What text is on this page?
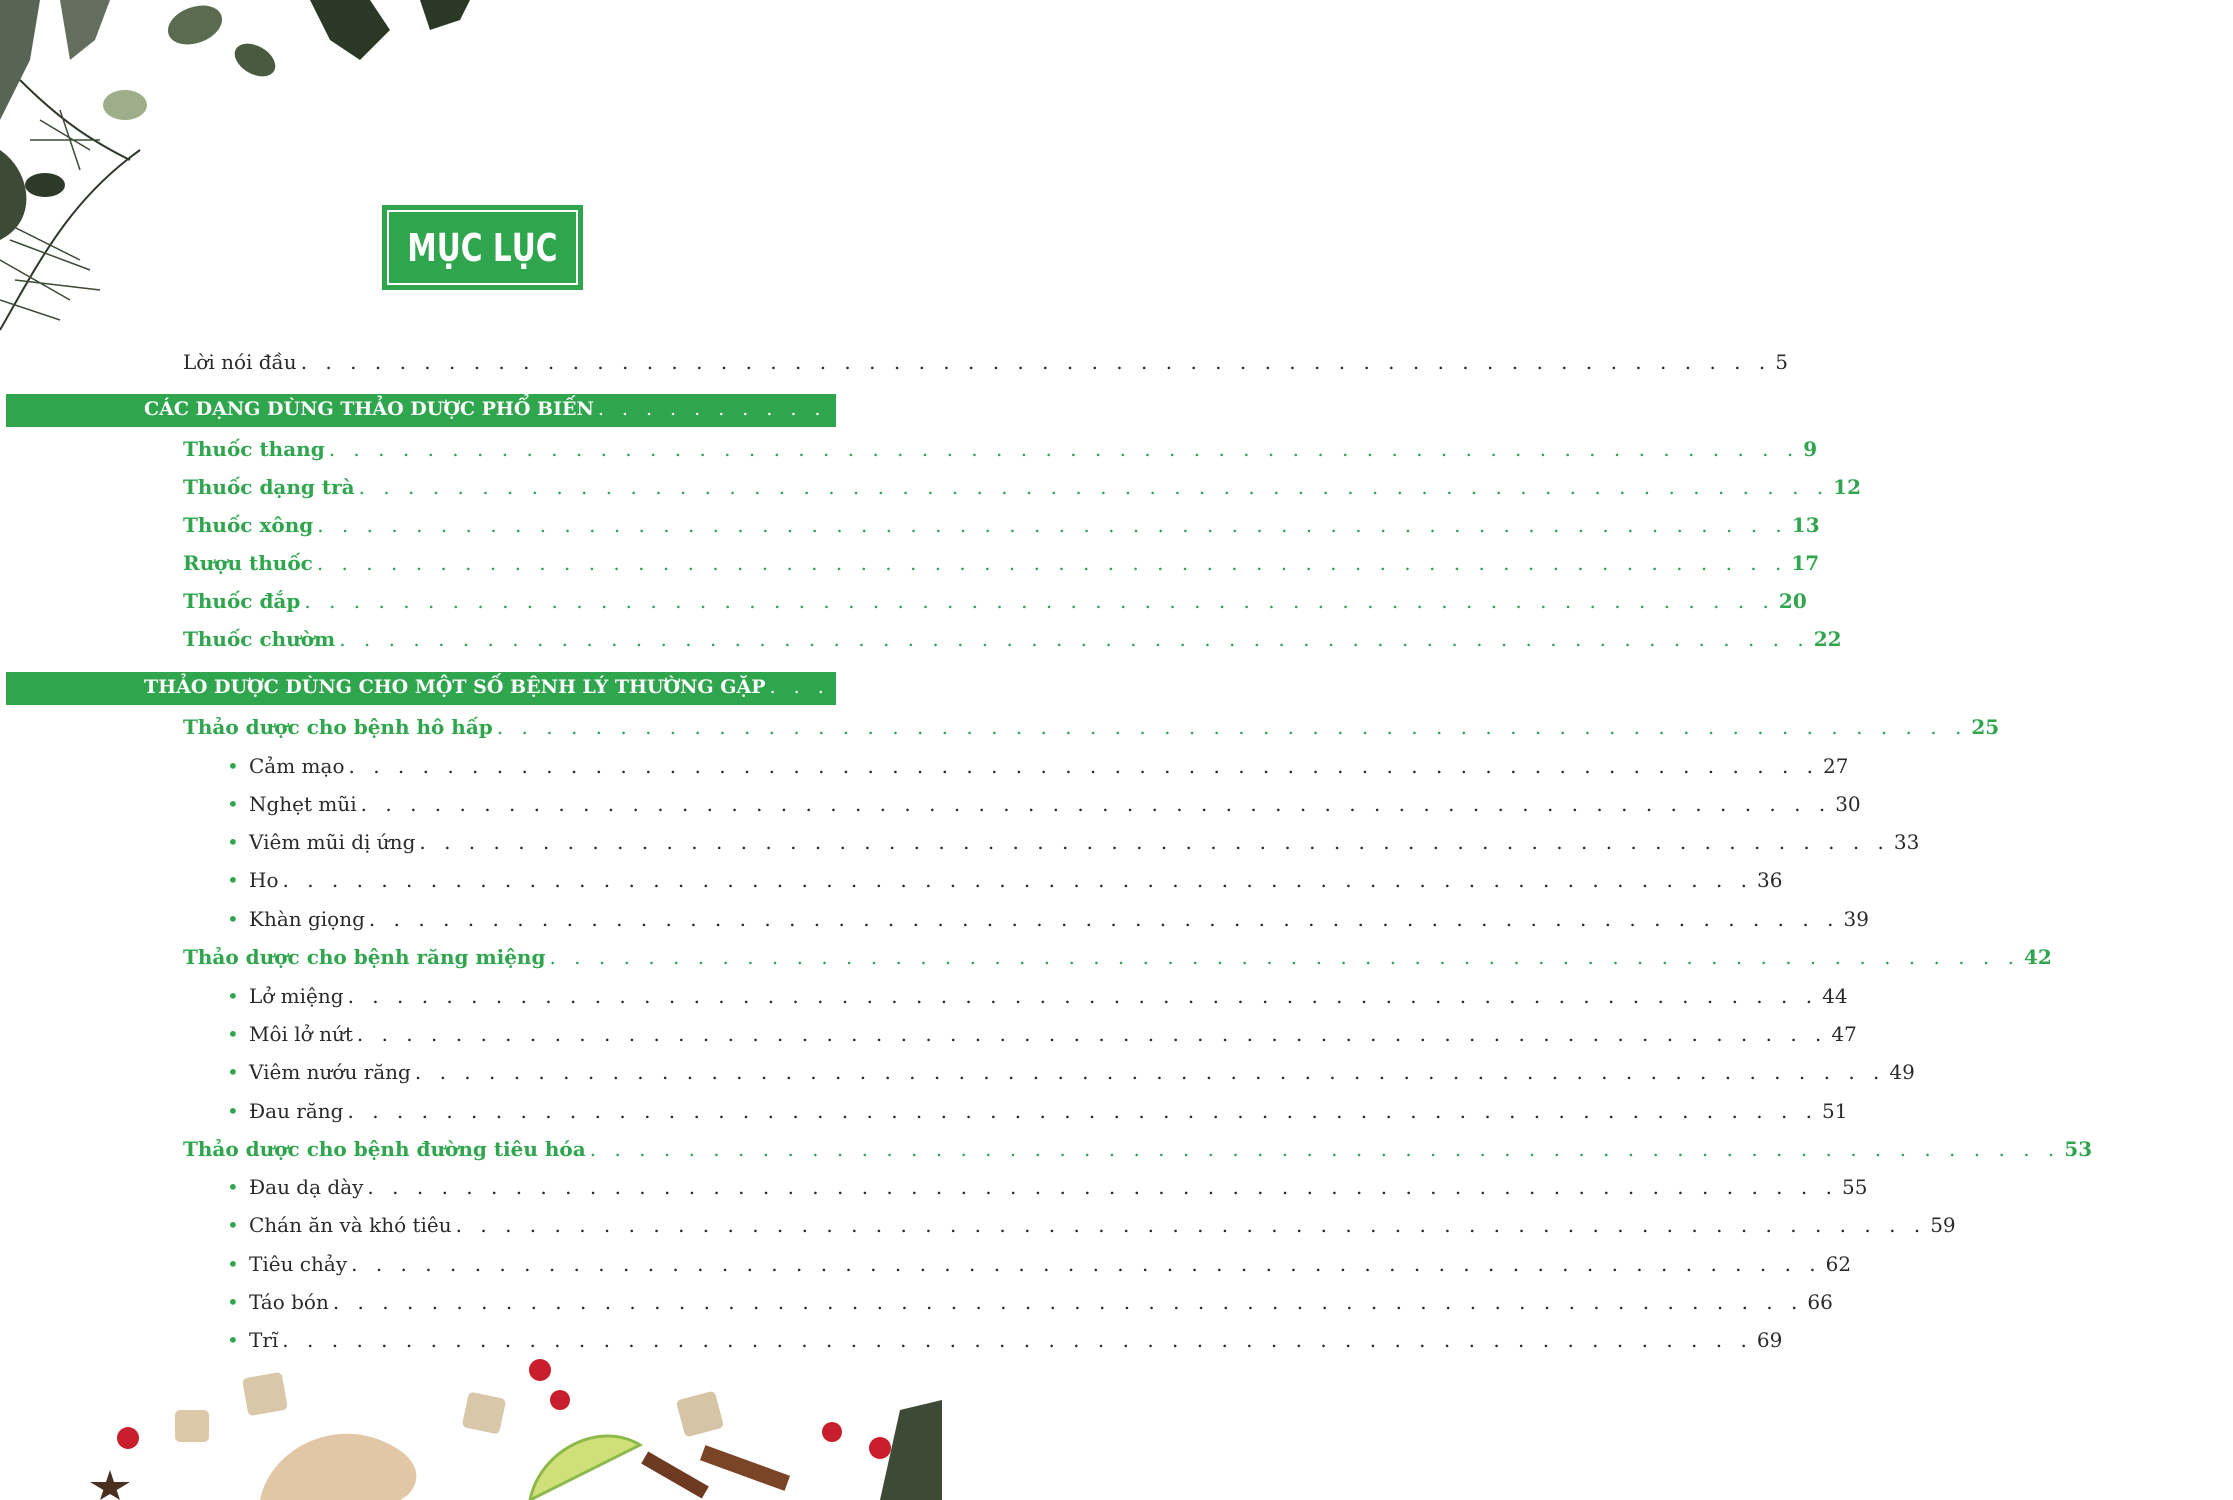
MỤC LỤC
Lời nói đầu . . . . . . . . . . . . . . . . . . . . . . . . . . . . . . . . . . . . . . . . . . . . . . . . . . . . . . . . . . . . 5
CÁC DẠNG DÙNG THẢO DƯỢC PHỔ BIẾN . . . . . . . . . . . . . . . . . . . . . . . . . . . . . . . . . . . . . . . . . . . . . . . . . . . . . . . . . . . . 7
Thuốc thang . . . . . . . . . . . . . . . . . . . . . . . . . . . . . . . . . . . . . . . . . . . . . . . . . . . . . . . . . . . . 9
Thuốc dạng trà . . . . . . . . . . . . . . . . . . . . . . . . . . . . . . . . . . . . . . . . . . . . . . . . . . . . . . . . . . . . 12
Thuốc xông . . . . . . . . . . . . . . . . . . . . . . . . . . . . . . . . . . . . . . . . . . . . . . . . . . . . . . . . . . . . 13
Rượu thuốc . . . . . . . . . . . . . . . . . . . . . . . . . . . . . . . . . . . . . . . . . . . . . . . . . . . . . . . . . . . . 17
Thuốc đắp . . . . . . . . . . . . . . . . . . . . . . . . . . . . . . . . . . . . . . . . . . . . . . . . . . . . . . . . . . . . 20
Thuốc chườm . . . . . . . . . . . . . . . . . . . . . . . . . . . . . . . . . . . . . . . . . . . . . . . . . . . . . . . . . . . . 22
THẢO DƯỢC DÙNG CHO MỘT SỐ BỆNH LÝ THƯỜNG GẶP . . . . . . . . . . . . . . . . . . . . . . . . . . . . . . . . . . . . . . . . . . . . . . . . . . . . . . . . . . . . 24
Thảo dược cho bệnh hô hấp . . . . . . . . . . . . . . . . . . . . . . . . . . . . . . . . . . . . . . . . . . . . . . . . . . . . . . . . . . . . 25
• Cảm mạo . . . . . . . . . . . . . . . . . . . . . . . . . . . . . . . . . . . . . . . . . . . . . . . . . . . . . . . . . . . . 27
• Nghẹt mũi . . . . . . . . . . . . . . . . . . . . . . . . . . . . . . . . . . . . . . . . . . . . . . . . . . . . . . . . . . . . 30
• Viêm mũi dị ứng . . . . . . . . . . . . . . . . . . . . . . . . . . . . . . . . . . . . . . . . . . . . . . . . . . . . . . . . . . . . 33
• Ho . . . . . . . . . . . . . . . . . . . . . . . . . . . . . . . . . . . . . . . . . . . . . . . . . . . . . . . . . . . . 36
• Khàn giọng . . . . . . . . . . . . . . . . . . . . . . . . . . . . . . . . . . . . . . . . . . . . . . . . . . . . . . . . . . . . 39
Thảo dược cho bệnh răng miệng . . . . . . . . . . . . . . . . . . . . . . . . . . . . . . . . . . . . . . . . . . . . . . . . . . . . . . . . . . . . 42
• Lở miệng . . . . . . . . . . . . . . . . . . . . . . . . . . . . . . . . . . . . . . . . . . . . . . . . . . . . . . . . . . . . 44
• Môi lở nứt . . . . . . . . . . . . . . . . . . . . . . . . . . . . . . . . . . . . . . . . . . . . . . . . . . . . . . . . . . . . 47
• Viêm nướu răng . . . . . . . . . . . . . . . . . . . . . . . . . . . . . . . . . . . . . . . . . . . . . . . . . . . . . . . . . . . . 49
• Đau răng . . . . . . . . . . . . . . . . . . . . . . . . . . . . . . . . . . . . . . . . . . . . . . . . . . . . . . . . . . . . 51
Thảo dược cho bệnh đường tiêu hóa . . . . . . . . . . . . . . . . . . . . . . . . . . . . . . . . . . . . . . . . . . . . . . . . . . . . . . . . . . . . 53
• Đau dạ dày . . . . . . . . . . . . . . . . . . . . . . . . . . . . . . . . . . . . . . . . . . . . . . . . . . . . . . . . . . . . 55
• Chán ăn và khó tiêu . . . . . . . . . . . . . . . . . . . . . . . . . . . . . . . . . . . . . . . . . . . . . . . . . . . . . . . . . . . . 59
• Tiêu chảy . . . . . . . . . . . . . . . . . . . . . . . . . . . . . . . . . . . . . . . . . . . . . . . . . . . . . . . . . . . . 62
• Táo bón . . . . . . . . . . . . . . . . . . . . . . . . . . . . . . . . . . . . . . . . . . . . . . . . . . . . . . . . . . . . 66
• Trĩ . . . . . . . . . . . . . . . . . . . . . . . . . . . . . . . . . . . . . . . . . . . . . . . . . . . . . . . . . . . . 69
